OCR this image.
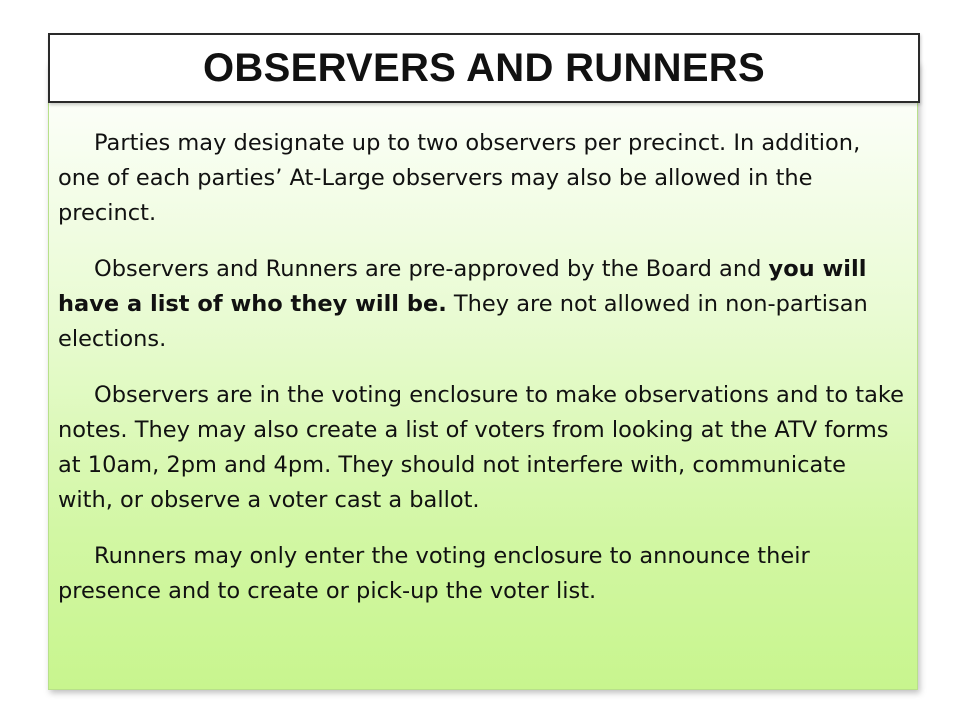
OBSERVERS AND RUNNERS

Parties may designate up to two observers per precinct. In addition, one of each parties’ At-Large observers may also be allowed in the precinct.

Observers and Runners are pre-approved by the Board and you will have a list of who they will be. They are not allowed in non-partisan elections.

Observers are in the voting enclosure to make observations and to take notes. They may also create a list of voters from looking at the ATV forms at 10am, 2pm and 4pm. They should not interfere with, communicate with, or observe a voter cast a ballot.

Runners may only enter the voting enclosure to announce their presence and to create or pick-up the voter list.
